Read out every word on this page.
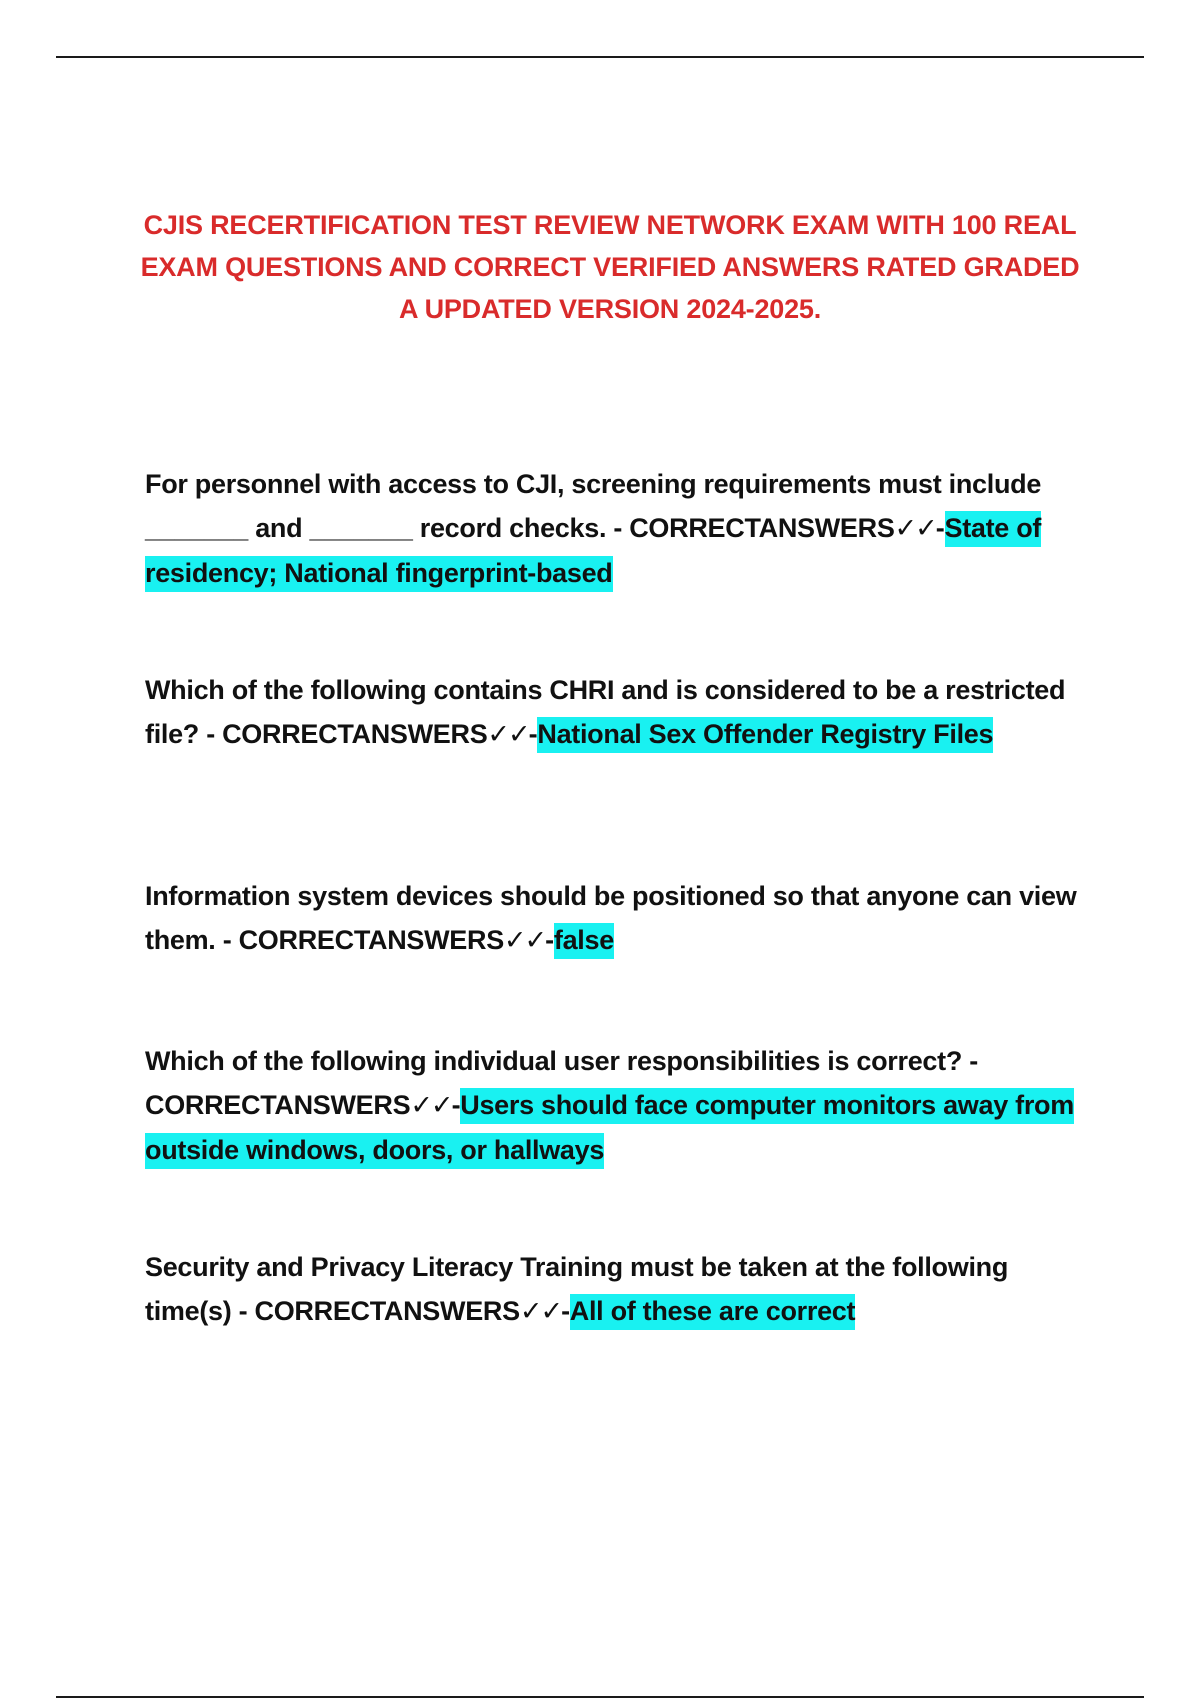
CJIS RECERTIFICATION TEST REVIEW NETWORK EXAM WITH 100 REAL EXAM QUESTIONS AND CORRECT VERIFIED ANSWERS RATED GRADED A UPDATED VERSION 2024-2025.
For personnel with access to CJI, screening requirements must include _______ and _______ record checks. - CORRECTANSWERS✓✓-State of residency; National fingerprint-based
Which of the following contains CHRI and is considered to be a restricted file? - CORRECTANSWERS✓✓-National Sex Offender Registry Files
Information system devices should be positioned so that anyone can view them. - CORRECTANSWERS✓✓-false
Which of the following individual user responsibilities is correct? - CORRECTANSWERS✓✓-Users should face computer monitors away from outside windows, doors, or hallways
Security and Privacy Literacy Training must be taken at the following time(s) - CORRECTANSWERS✓✓-All of these are correct
